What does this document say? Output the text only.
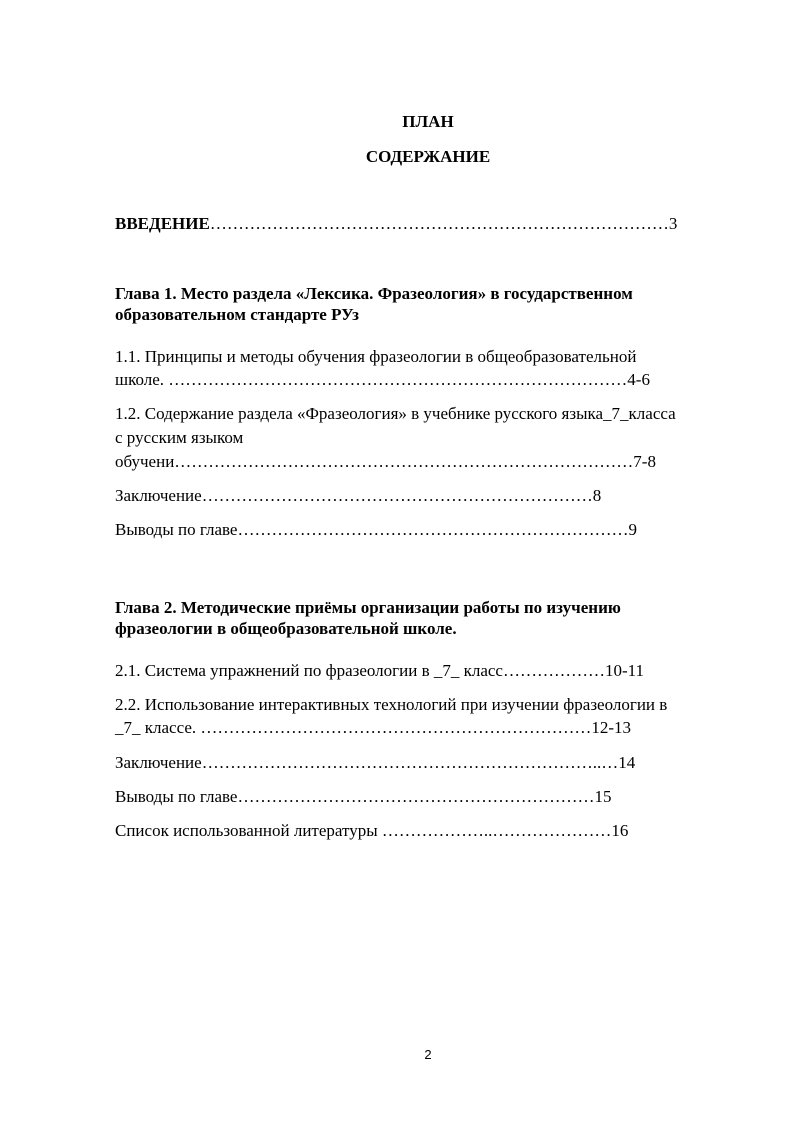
ПЛАН
СОДЕРЖАНИЕ
ВВЕДЕНИЕ………………………………………………………………………3
Глава 1. Место раздела «Лексика. Фразеология» в государственном
образовательном стандарте РУз
1.1. Принципы и методы обучения фразеологии в общеобразовательной
школе. ………………………………………………………………………4-6
1.2. Содержание раздела «Фразеология» в учебнике русского языка_7_класса
с русским языком
обучени………………………………………………………………………7-8
Заключение……………………………………………………………8
Выводы по главе……………………………………………………………9
Глава 2. Методические приёмы организации работы по изучению
фразеологии в общеобразовательной школе.
2.1. Система упражнений по фразеологии в _7_ класс………………10-11
2.2. Использование интерактивных технологий при изучении фразеологии в
_7_ классе. ……………………………………………………………12-13
Заключение……………………………………………………………..…14
Выводы по главе………………………………………………………15
Список использованной литературы ………………..…………………16
2
